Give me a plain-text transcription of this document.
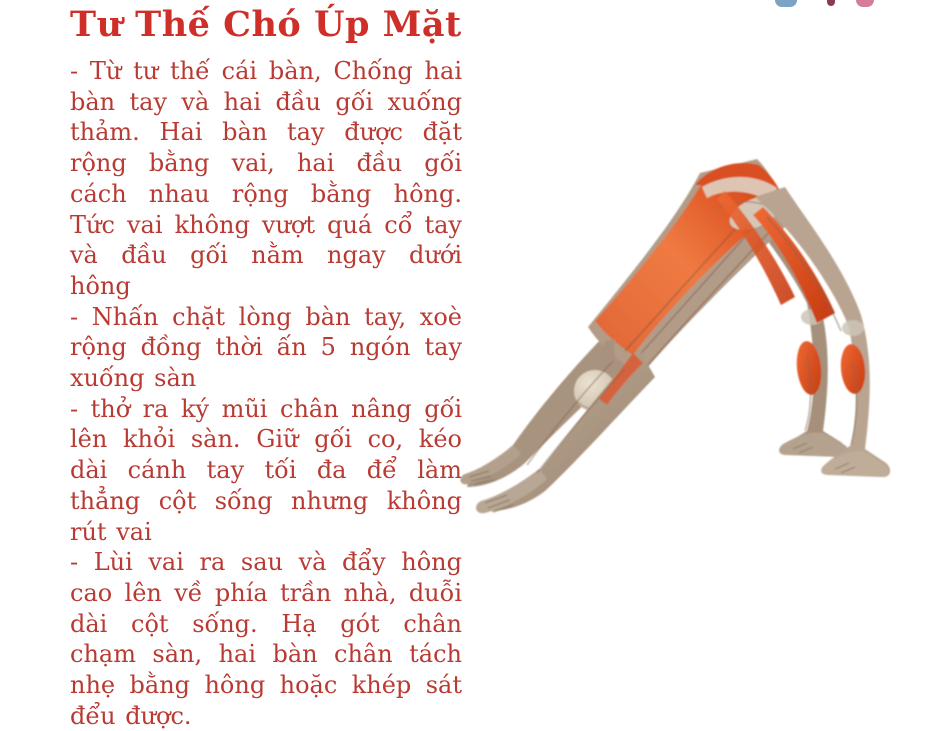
Tư Thế Chó Úp Mặt

- Từ tư thế cái bàn, Chống hai bàn tay và hai đầu gối xuống thảm. Hai bàn tay được đặt rộng bằng vai, hai đầu gối cách nhau rộng bằng hông. Tức vai không vượt quá cổ tay và đầu gối nằm ngay dưới hông

- Nhấn chặt lòng bàn tay, xoè rộng đồng thời ấn 5 ngón tay xuống sàn

- thở ra ký mũi chân nâng gối lên khỏi sàn. Giữ gối co, kéo dài cánh tay tối đa để làm thẳng cột sống nhưng không rút vai

- Lùi vai ra sau và đẩy hông cao lên về phía trần nhà, duỗi dài cột sống. Hạ gót chân chạm sàn, hai bàn chân tách nhẹ bằng hông hoặc khép sát đểu được.
